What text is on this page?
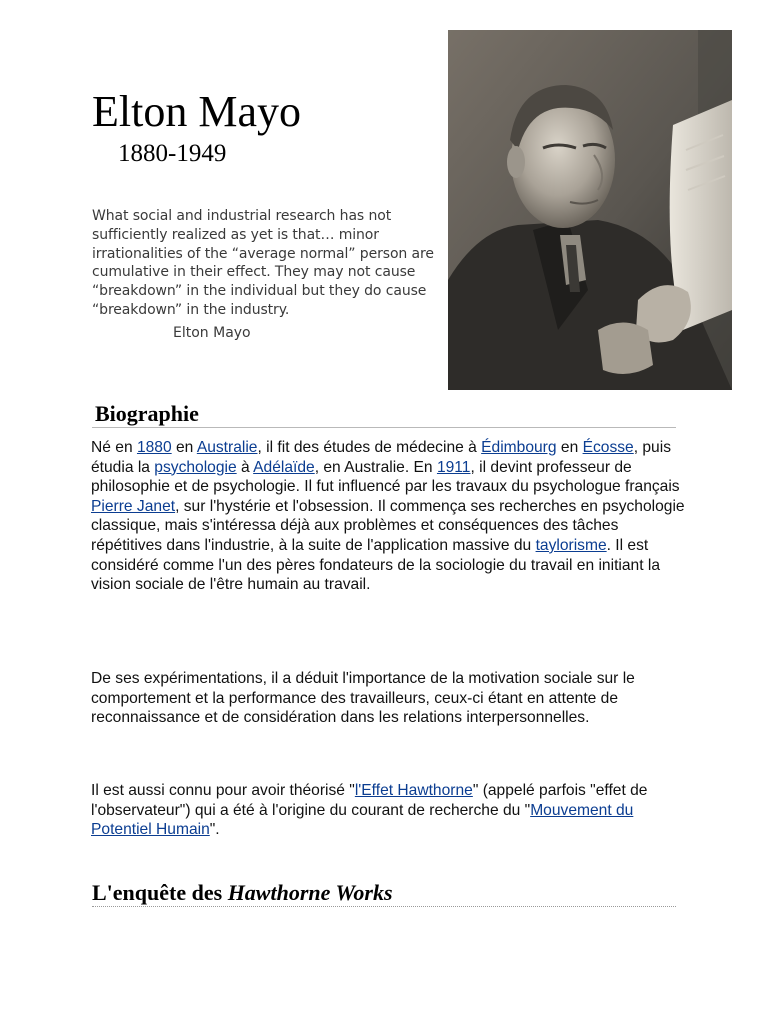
Elton Mayo
1880-1949

What social and industrial research has not sufficiently realized as yet is that… minor irrationalities of the “average normal” person are cumulative in their effect. They may not cause “breakdown” in the individual but they do cause “breakdown” in the industry.

Elton Mayo
Biographie

Né en 1880 en Australie, il fit des études de médecine à Édimbourg en Écosse, puis étudia la psychologie à Adélaïde, en Australie. En 1911, il devint professeur de philosophie et de psychologie. Il fut influencé par les travaux du psychologue français Pierre Janet, sur l'hystérie et l'obsession. Il commença ses recherches en psychologie classique, mais s'intéressa déjà aux problèmes et conséquences des tâches répétitives dans l'industrie, à la suite de l'application massive du taylorisme. Il est considéré comme l'un des pères fondateurs de la sociologie du travail en initiant la vision sociale de l'être humain au travail.

De ses expérimentations, il a déduit l'importance de la motivation sociale sur le comportement et la performance des travailleurs, ceux-ci étant en attente de reconnaissance et de considération dans les relations interpersonnelles.

Il est aussi connu pour avoir théorisé "l'Effet Hawthorne" (appelé parfois "effet de l'observateur") qui a été à l'origine du courant de recherche du "Mouvement du Potentiel Humain".

L'enquête des Hawthorne Works
